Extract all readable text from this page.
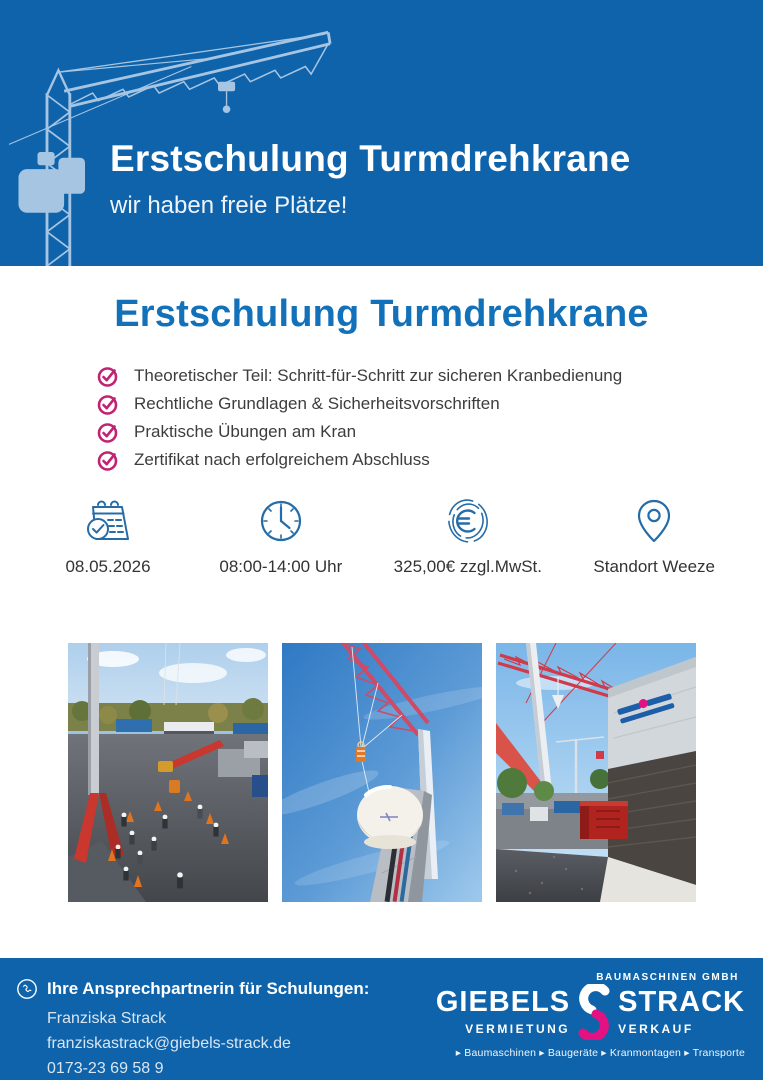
Erstschulung Turmdrehkrane
wir haben freie Plätze!
Erstschulung Turmdrehkrane
Theoretischer Teil: Schritt-für-Schritt zur sicheren Kranbedienung
Rechtliche Grundlagen & Sicherheitsvorschriften
Praktische Übungen am Kran
Zertifikat nach erfolgreichem Abschluss
08.05.2026	08:00-14:00 Uhr	325,00€ zzgl.MwSt.	Standort Weeze
Ihre Ansprechpartnerin für Schulungen:
Franziska Strack
franziskastrack@giebels-strack.de
0173-23 69 58 9
BAUMASCHINEN GMBH
GIEBELS
VERMIETUNG
STRACK
VERKAUF
▸ Baumaschinen ▸ Baugeräte ▸ Kranmontagen ▸ Transporte
